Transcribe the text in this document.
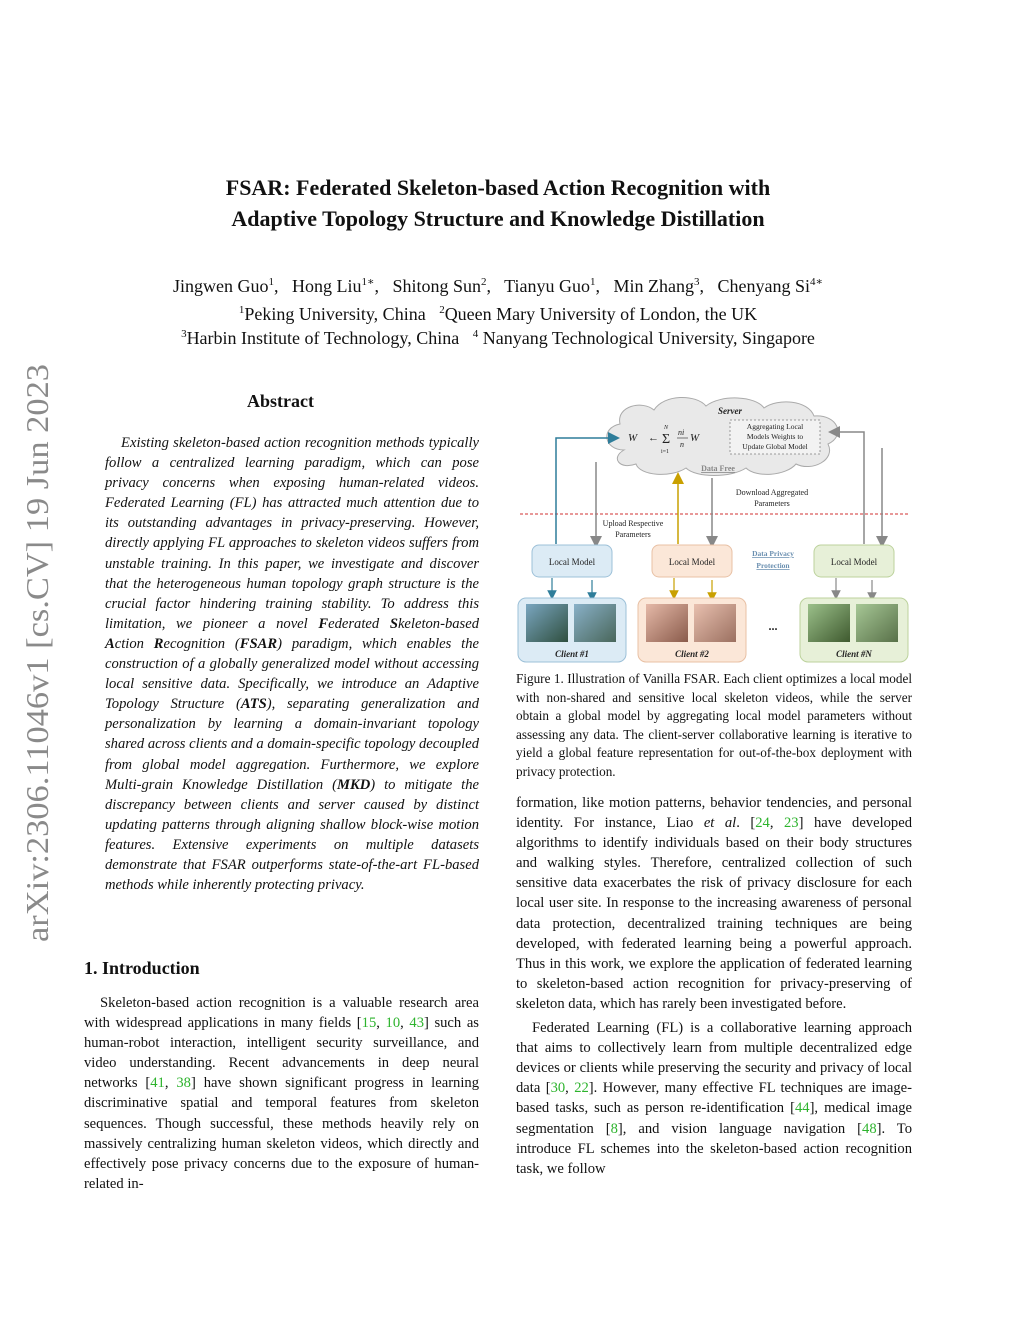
arXiv:2306.11046v1 [cs.CV] 19 Jun 2023
FSAR: Federated Skeleton-based Action Recognition with
Adaptive Topology Structure and Knowledge Distillation
Jingwen Guo$^1$,   Hong Liu$^{1∗}$,   Shitong Sun$^2$,   Tianyu Guo$^1$,   Min Zhang$^3$,   Chenyang $Si^{4∗}$
$^1$Peking University, China $^2$Queen Mary University of London, the UK
$^3$Harbin Institute of Technology, China $^4$ Nanyang Technological University, Singapore
Abstract
Existing skeleton-based action recognition methods typically follow a centralized learning paradigm, which can pose privacy concerns when exposing human-related videos. Federated Learning (FL) has attracted much attention due to its outstanding advantages in privacy-preserving. However, directly applying FL approaches to skeleton videos suffers from unstable training. In this paper, we investigate and discover that the heterogeneous human topology graph structure is the crucial factor hindering training stability. To address this limitation, we pioneer a novel Federated Skeleton-based Action Recognition (FSAR) paradigm, which enables the construction of a globally generalized model without accessing local sensitive data. Specifically, we introduce an Adaptive Topology Structure (ATS), separating generalization and personalization by learning a domain-invariant topology shared across clients and a domain-specific topology decoupled from global model aggregation. Furthermore, we explore Multi-grain Knowledge Distillation (MKD) to mitigate the discrepancy between clients and server caused by distinct updating patterns through aligning shallow block-wise motion features. Extensive experiments on multiple datasets demonstrate that FSAR outperforms state-of-the-art FL-based methods while inherently protecting privacy.
1. Introduction
Skeleton-based action recognition is a valuable research area with widespread applications in many fields [15, 10, 43] such as human-robot interaction, intelligent security surveillance, and video understanding. Recent advancements in deep neural networks [41, 38] have shown significant progress in learning discriminative spatial and temporal features from skeleton sequences. Though successful, these methods heavily rely on massively centralizing human skeleton videos, which directly and effectively pose privacy concerns due to the exposure of human-related in-
Server
W ← Σ
N
i=1
ni
n
W
Aggregating Local
Models Weights to
Update Global Model
Data Free
Download Aggregated
Parameters
Upload Respective
Parameters
Local Model	Local Model	Local Model
Data Privacy
Protection
Client #1	Client #2
...
Client #N
Figure 1. Illustration of Vanilla FSAR. Each client optimizes a local model with non-shared and sensitive local skeleton videos, while the server obtain a global model by aggregating local model parameters without assessing any data. The client-server collaborative learning is iterative to yield a global feature representation for out-of-the-box deployment with privacy protection.

formation, like motion patterns, behavior tendencies, and personal identity. For instance, Liao et al. [24, 23] have developed algorithms to identify individuals based on their body structures and walking styles. Therefore, centralized collection of such sensitive data exacerbates the risk of privacy disclosure for each local user site. In response to the increasing awareness of personal data protection, decentralized training techniques are being developed, with federated learning being a powerful approach. Thus in this work, we explore the application of federated learning to skeleton-based action recognition for privacy-preserving of skeleton data, which has rarely been investigated before.

Federated Learning (FL) is a collaborative learning approach that aims to collectively learn from multiple decentralized edge devices or clients while preserving the security and privacy of local data [30, 22]. However, many effective FL techniques are image-based tasks, such as person re-identification [44], medical image segmentation [8], and vision language navigation [48]. To introduce FL schemes into the skeleton-based action recognition task, we follow
